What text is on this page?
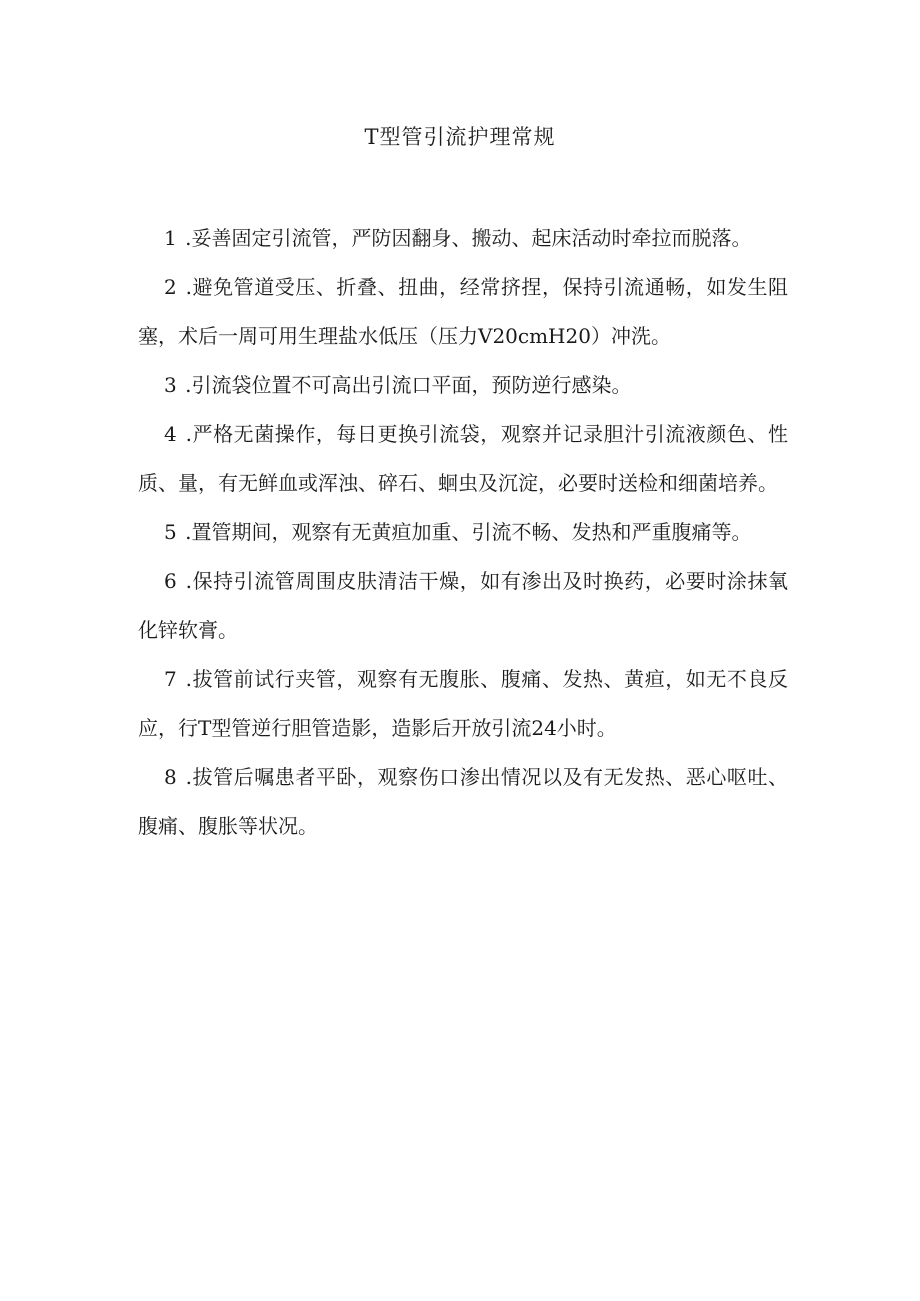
T型管引流护理常规

1 .妥善固定引流管，严防因翻身、搬动、起床活动时牵拉而脱落。

2 .避免管道受压、折叠、扭曲，经常挤捏，保持引流通畅，如发生阻塞，术后一周可用生理盐水低压（压力V20cmH20）冲洗。

3 .引流袋位置不可高出引流口平面，预防逆行感染。

4 .严格无菌操作，每日更换引流袋，观察并记录胆汁引流液颜色、性质、量，有无鲜血或浑浊、碎石、蛔虫及沉淀，必要时送检和细菌培养。

5 .置管期间，观察有无黄疸加重、引流不畅、发热和严重腹痛等。

6 .保持引流管周围皮肤清洁干燥，如有渗出及时换药，必要时涂抹氧化锌软膏。

7 .拔管前试行夹管，观察有无腹胀、腹痛、发热、黄疸，如无不良反应，行T型管逆行胆管造影，造影后开放引流24小时。

8 .拔管后嘱患者平卧，观察伤口渗出情况以及有无发热、恶心呕吐、腹痛、腹胀等状况。
